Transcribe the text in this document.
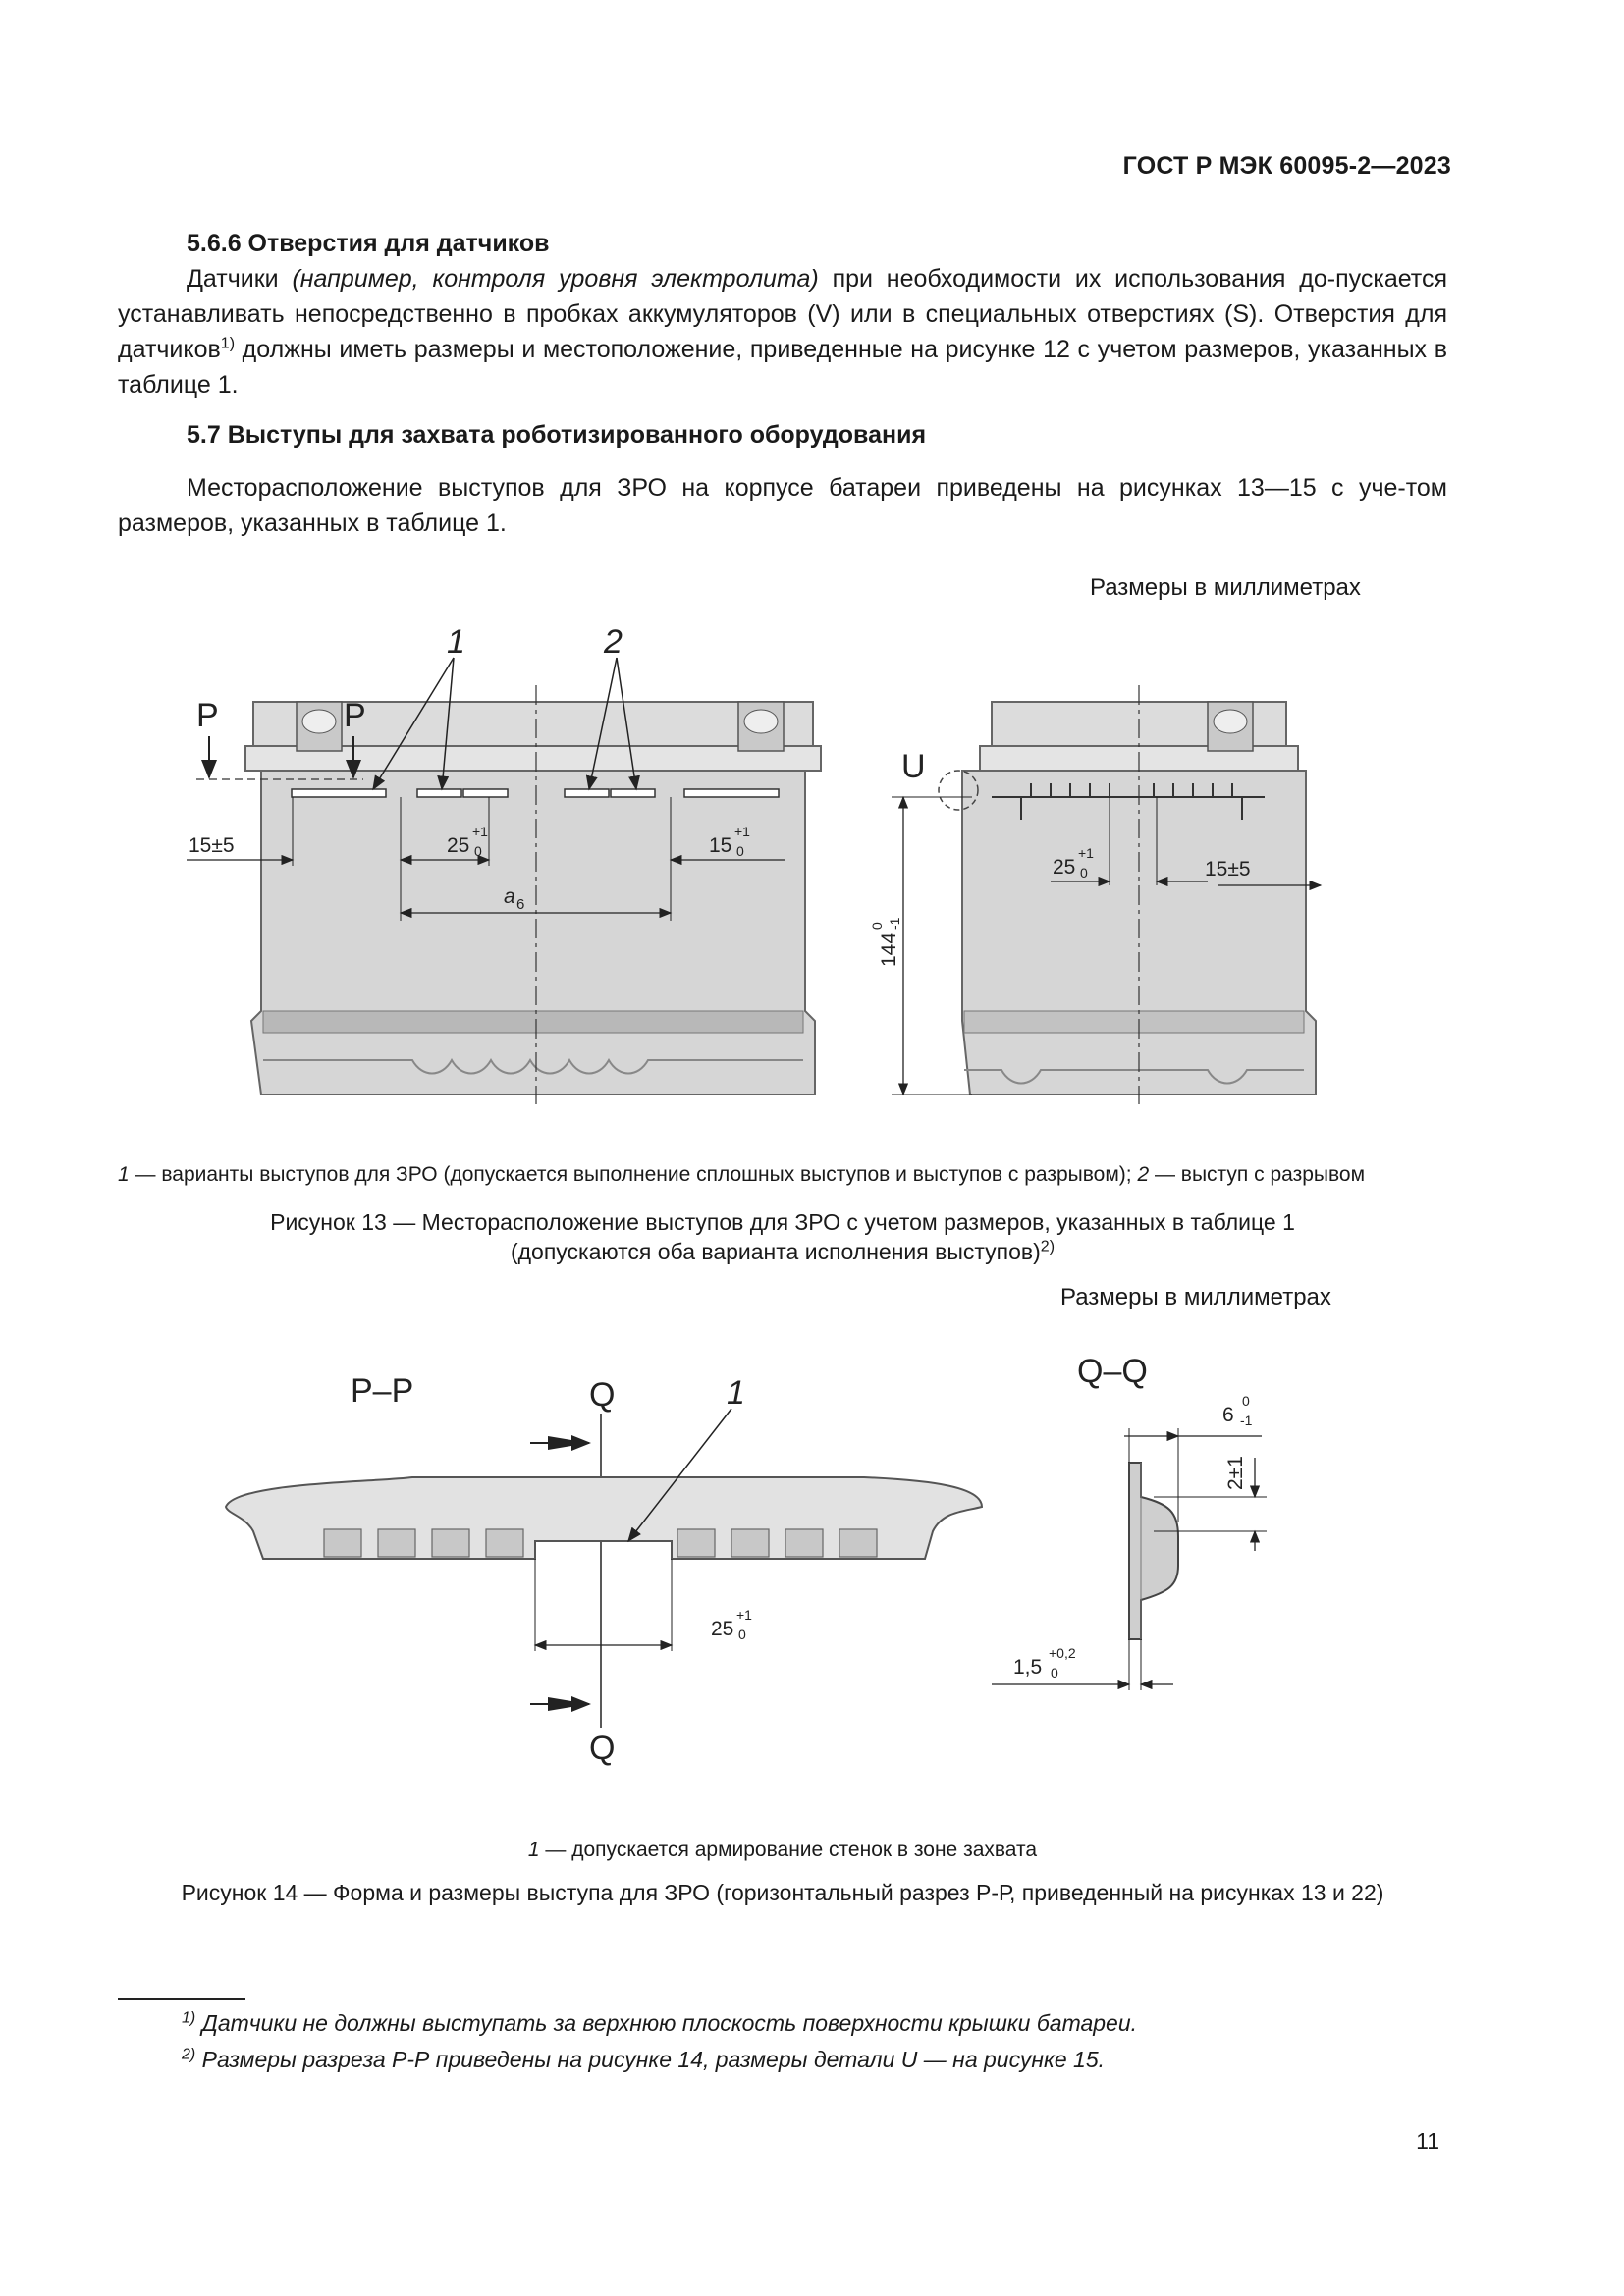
ГОСТ Р МЭК 60095-2—2023
5.6.6 Отверстия для датчиков
Датчики (например, контроля уровня электролита) при необходимости их использования до-пускается устанавливать непосредственно в пробках аккумуляторов (V) или в специальных отверстиях (S). Отверстия для датчиков$^{1)}$ должны иметь размеры и местоположение, приведенные на рисунке 12 с учетом размеров, указанных в таблице 1.
5.7 Выступы для захвата роботизированного оборудования
Месторасположение выступов для ЗРО на корпусе батареи приведены на рисунках 13—15 с уче-том размеров, указанных в таблице 1.
Размеры в миллиметрах
1	2
Р	Р
15±5	25
+1
0	15
+1
0
а 6
U
144
0 -1
25
+1
0	15±5
1 — варианты выступов для ЗРО (допускается выполнение сплошных выступов и выступов с разрывом); 2 — выступ с разрывом
Рисунок 13 — Месторасположение выступов для ЗРО с учетом размеров, указанных в таблице 1
(допускаются оба варианта исполнения выступов)$^{2)}$
Размеры в миллиметрах
Р–Р
Q–Q
Q
Q
1
25
+1
0
6
0
-1
2±1
1,5
+0,2
0
1 — допускается армирование стенок в зоне захвата
Рисунок 14 — Форма и размеры выступа для ЗРО (горизонтальный разрез Р-Р, приведенный на рисунках 13 и 22)
$^{1)}$ Датчики не должны выступать за верхнюю плоскость поверхности крышки батареи.
$^{2)}$ Размеры разреза Р-Р приведены на рисунке 14, размеры детали U — на рисунке 15.
11
